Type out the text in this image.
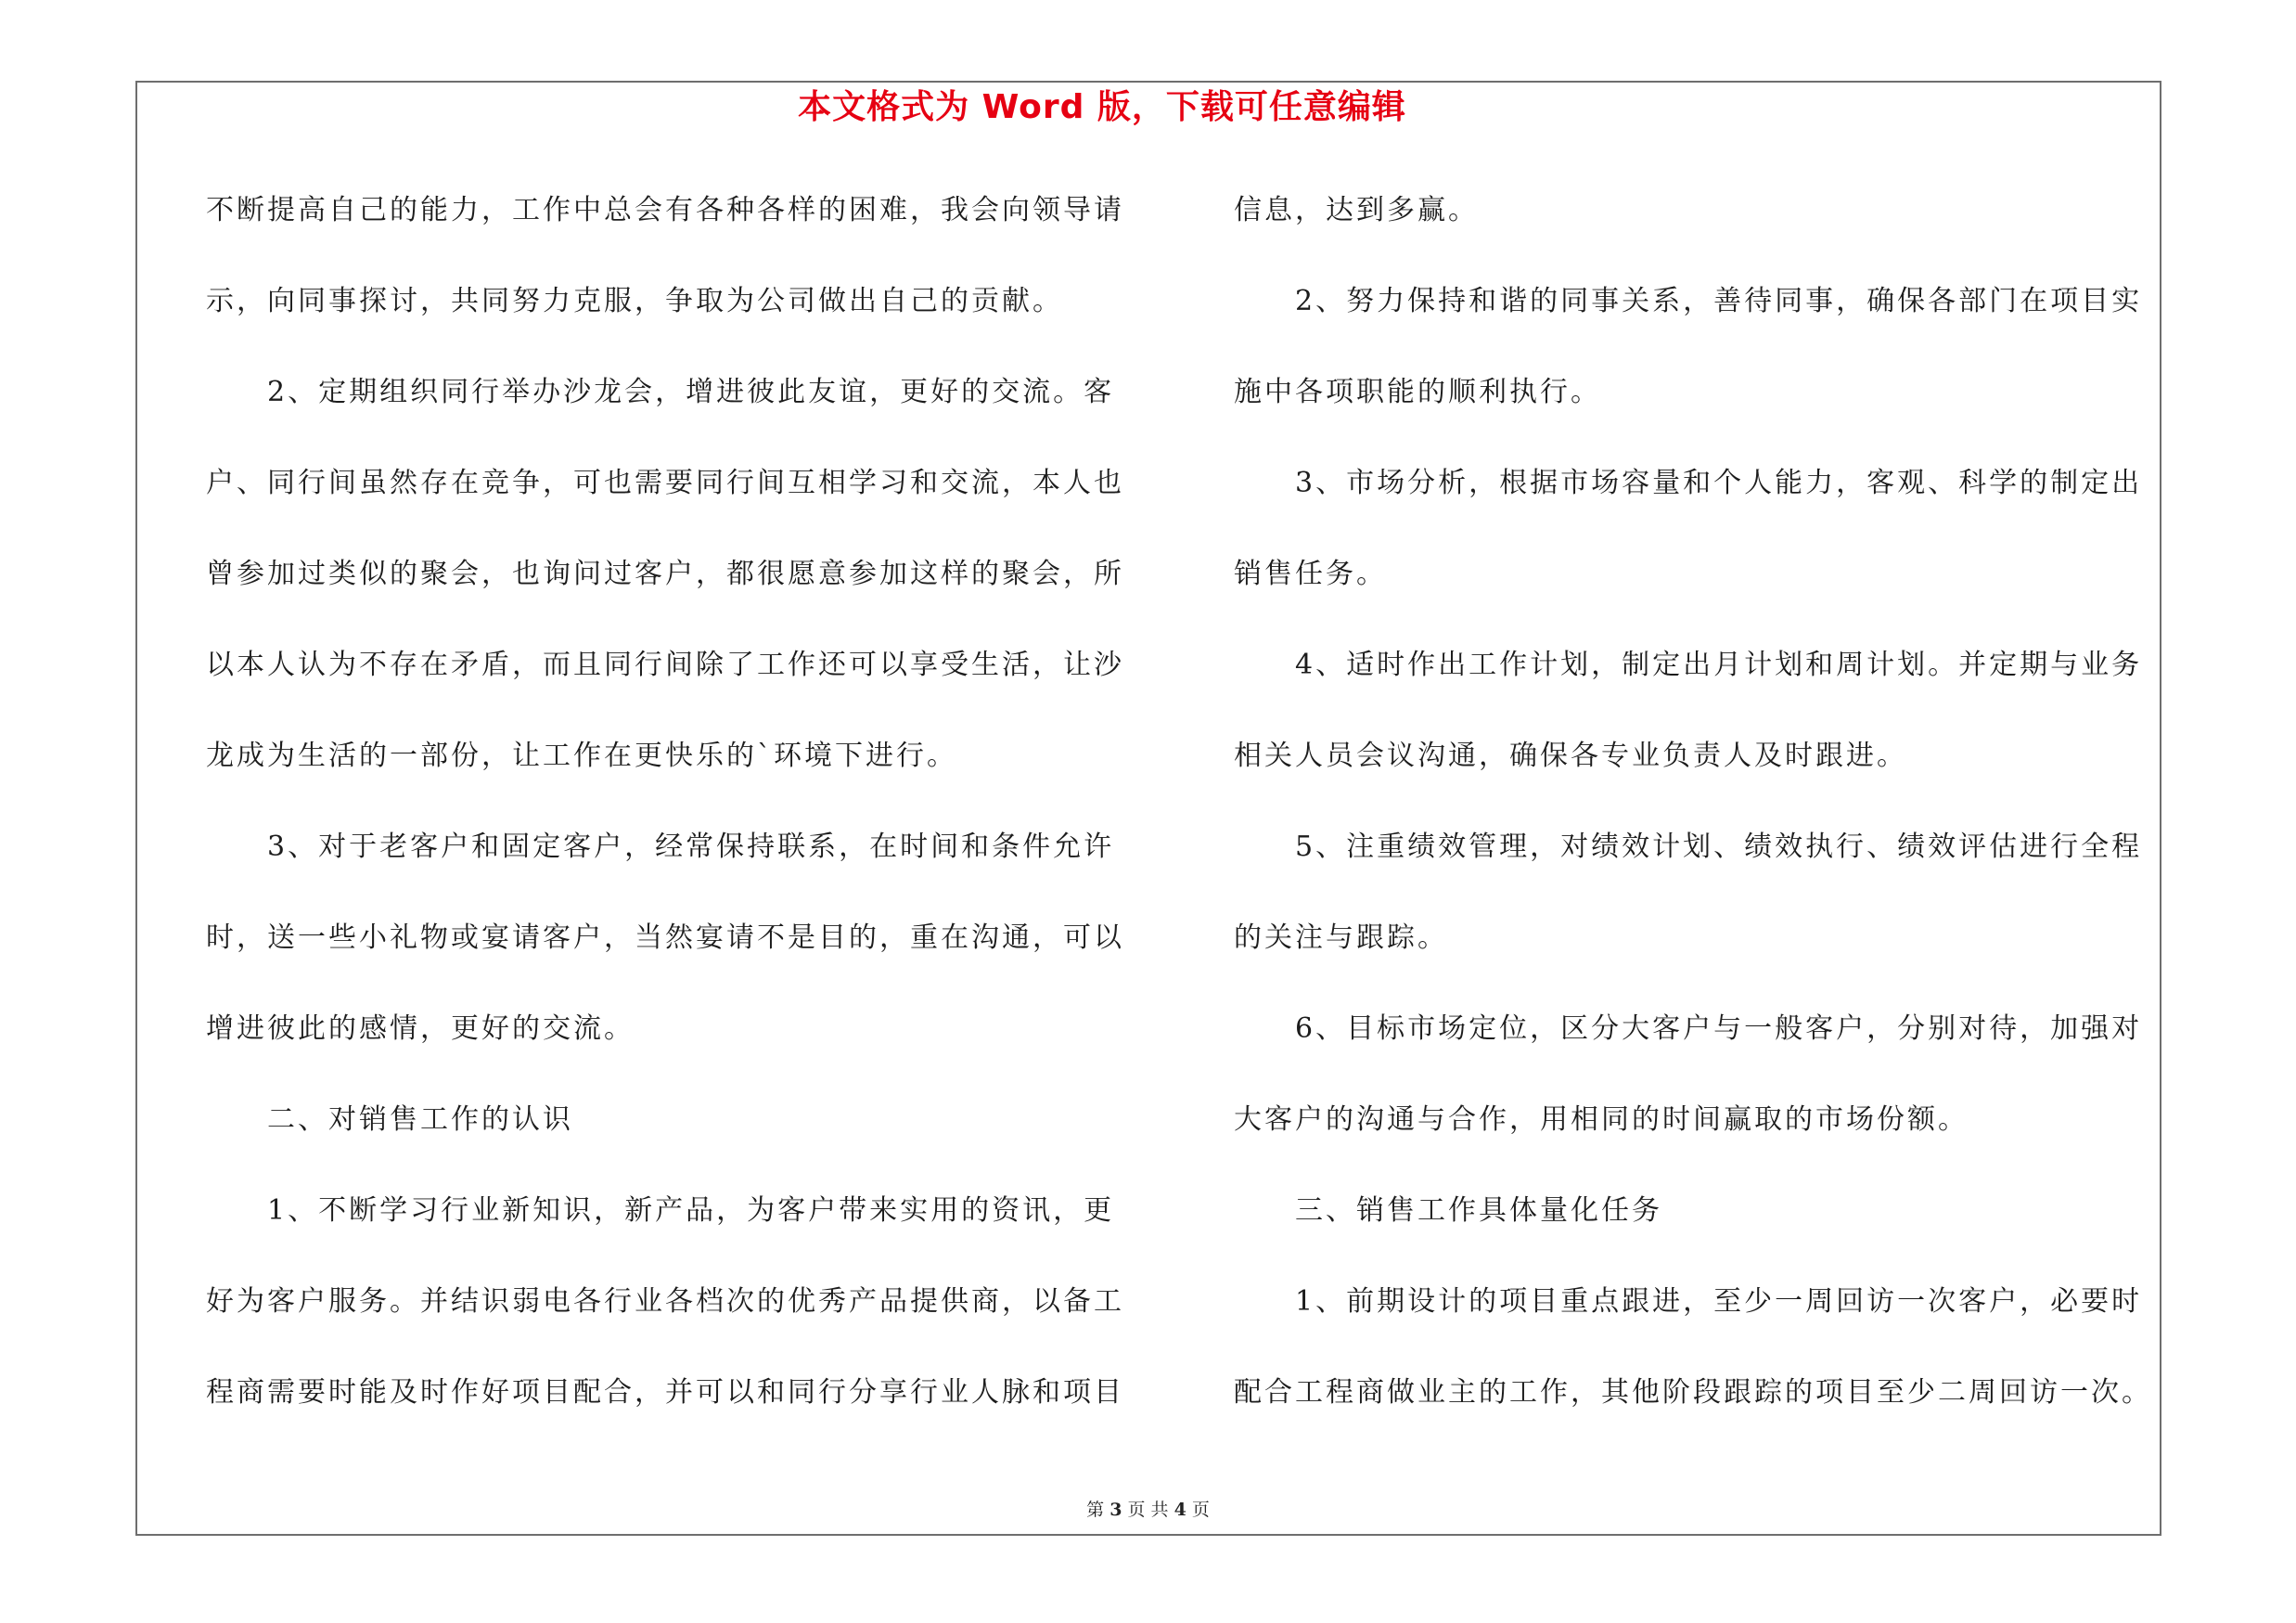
本文格式为 Word 版，下载可任意编辑
不断提高自己的能力，工作中总会有各种各样的困难，我会向领导请
示，向同事探讨，共同努力克服，争取为公司做出自己的贡献。
2、定期组织同行举办沙龙会，增进彼此友谊，更好的交流。客
户、同行间虽然存在竞争，可也需要同行间互相学习和交流，本人也
曾参加过类似的聚会，也询问过客户，都很愿意参加这样的聚会，所
以本人认为不存在矛盾，而且同行间除了工作还可以享受生活，让沙
龙成为生活的一部份，让工作在更快乐的`环境下进行。
3、对于老客户和固定客户，经常保持联系，在时间和条件允许
时，送一些小礼物或宴请客户，当然宴请不是目的，重在沟通，可以
增进彼此的感情，更好的交流。
二、对销售工作的认识
1、不断学习行业新知识，新产品，为客户带来实用的资讯，更
好为客户服务。并结识弱电各行业各档次的优秀产品提供商，以备工
程商需要时能及时作好项目配合，并可以和同行分享行业人脉和项目
信息，达到多赢。
2、努力保持和谐的同事关系，善待同事，确保各部门在项目实
施中各项职能的顺利执行。
3、市场分析，根据市场容量和个人能力，客观、科学的制定出
销售任务。
4、适时作出工作计划，制定出月计划和周计划。并定期与业务
相关人员会议沟通，确保各专业负责人及时跟进。
5、注重绩效管理，对绩效计划、绩效执行、绩效评估进行全程
的关注与跟踪。
6、目标市场定位，区分大客户与一般客户，分别对待，加强对
大客户的沟通与合作，用相同的时间赢取的市场份额。
三、销售工作具体量化任务
1、前期设计的项目重点跟进，至少一周回访一次客户，必要时
配合工程商做业主的工作，其他阶段跟踪的项目至少二周回访一次。
第 3 页 共 4 页
